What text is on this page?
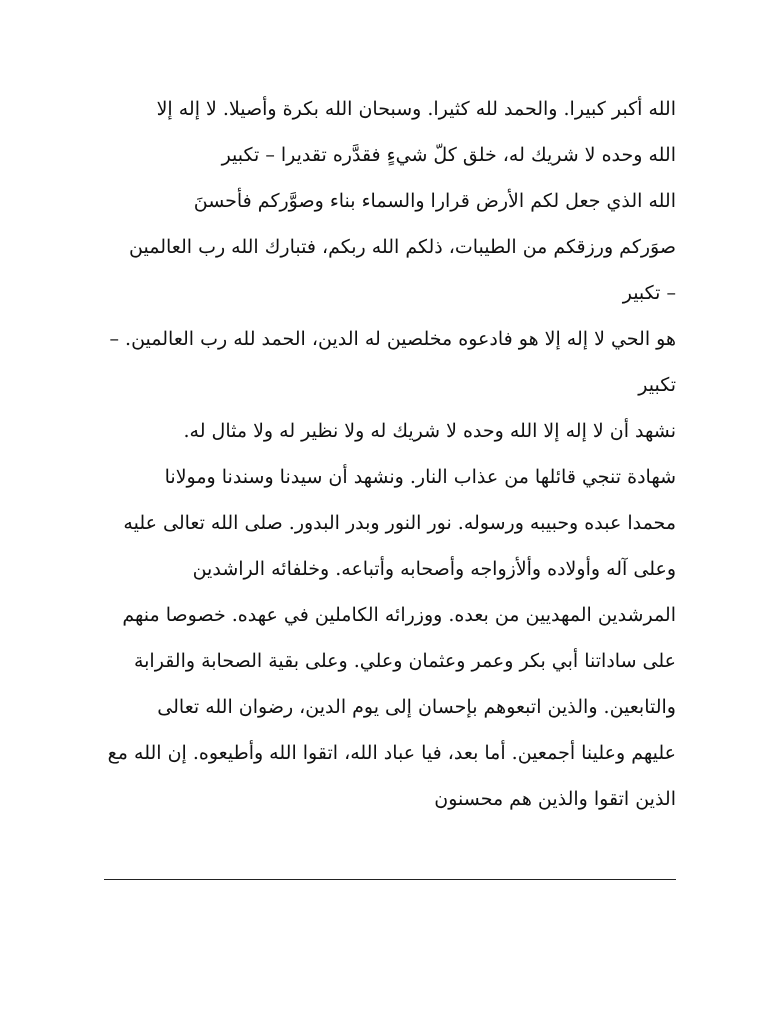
الله أكبر كبيرا. والحمد لله كثيرا. وسبحان الله بكرة وأصيلا. لا إله إلا
الله وحده لا شريك له، خلق كلّ شيءٍ فقدَّره تقديرا – تكبير
الله الذي جعل لكم الأرض قرارا والسماء بناء وصوَّركم فأحسنَ
صوَركم ورزقكم من الطيبات، ذلكم الله ربكم، فتبارك الله رب العالمين
– تكبير
هو الحي لا إله إلا هو فادعوه مخلصين له الدين، الحمد لله رب العالمين. –
تكبير
نشهد أن لا إله إلا الله وحده لا شريك له ولا نظير له ولا مثال له.
شهادة تنجي قائلها من عذاب النار. ونشهد أن سيدنا وسندنا ومولانا
محمدا عبده وحبيبه ورسوله. نور النور وبدر البدور. صلى الله تعالى عليه
وعلى آله وأولاده وألأزواجه وأصحابه وأتباعه. وخلفائه الراشدين
المرشدين المهديين من بعده. ووزرائه الكاملين في عهده. خصوصا منهم
على ساداتنا أبي بكر وعمر وعثمان وعلي. وعلى بقية الصحابة والقرابة
والتابعين. والذين اتبعوهم بإحسان إلى يوم الدين، رضوان الله تعالى
عليهم وعلينا أجمعين. أما بعد، فيا عباد الله، اتقوا الله وأطيعوه. إن الله مع
الذين اتقوا والذين هم محسنون
